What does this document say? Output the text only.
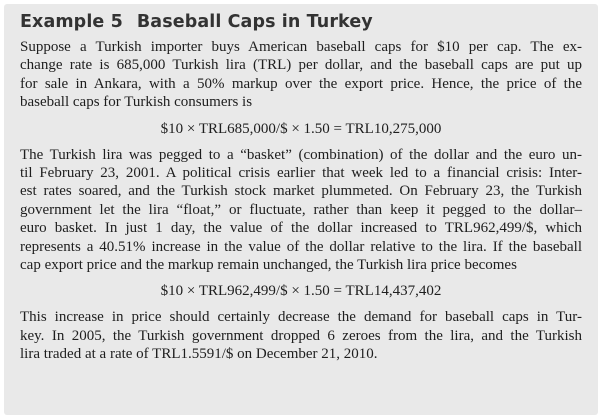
Example 5 Baseball Caps in Turkey

Suppose a Turkish importer buys American baseball caps for $10 per cap. The ex-
change rate is 685,000 Turkish lira (TRL) per dollar, and the baseball caps are put up
for sale in Ankara, with a 50% markup over the export price. Hence, the price of the
baseball caps for Turkish consumers is

$10 × TRL685,000/$ × 1.50 = TRL10,275,000

The Turkish lira was pegged to a “basket” (combination) of the dollar and the euro un-
til February 23, 2001. A political crisis earlier that week led to a financial crisis: Inter-
est rates soared, and the Turkish stock market plummeted. On February 23, the Turkish
government let the lira “float,” or fluctuate, rather than keep it pegged to the dollar–
euro basket. In just 1 day, the value of the dollar increased to TRL962,499/$, which
represents a 40.51% increase in the value of the dollar relative to the lira. If the baseball
cap export price and the markup remain unchanged, the Turkish lira price becomes

$10 × TRL962,499/$ × 1.50 = TRL14,437,402

This increase in price should certainly decrease the demand for baseball caps in Tur-
key. In 2005, the Turkish government dropped 6 zeroes from the lira, and the Turkish
lira traded at a rate of TRL1.5591/$ on December 21, 2010.
